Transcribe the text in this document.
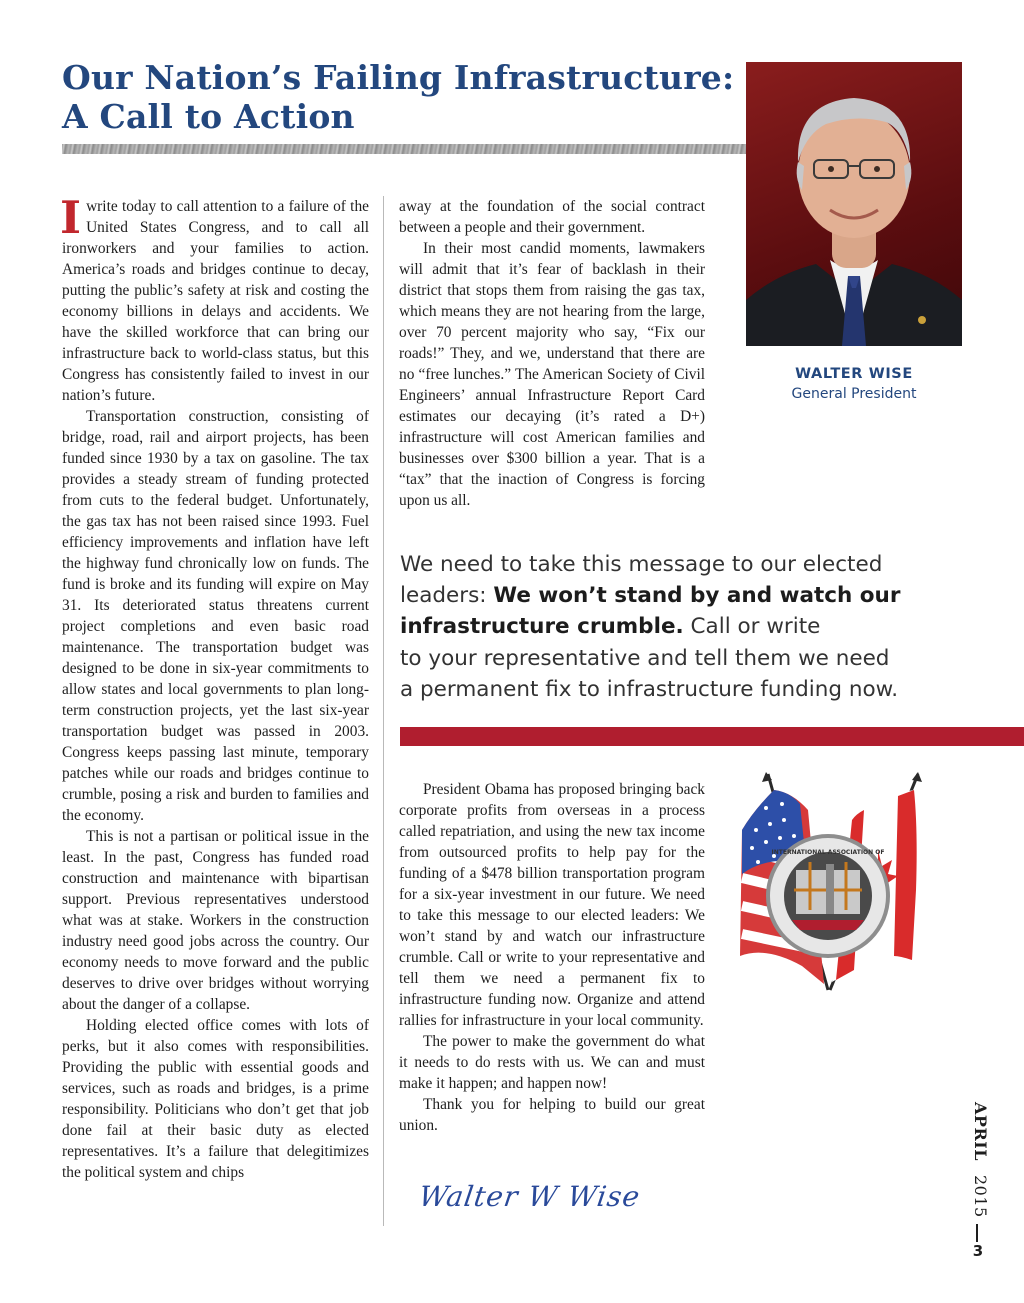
Our Nation’s Failing Infrastructure:
A Call to Action
WALTER WISE
General President

I write today to call attention to a failure of the United States Congress, and to call all ironworkers and your families to action. America’s roads and bridges continue to decay, putting the public’s safety at risk and costing the economy billions in delays and accidents. We have the skilled workforce that can bring our infrastructure back to world-class status, but this Congress has consistently failed to invest in our nation’s future.

Transportation construction, consisting of bridge, road, rail and airport projects, has been funded since 1930 by a tax on gasoline. The tax provides a steady stream of funding protected from cuts to the federal budget. Unfortunately, the gas tax has not been raised since 1993. Fuel efficiency improvements and inflation have left the highway fund chronically low on funds. The fund is broke and its funding will expire on May 31. Its deteriorated status threatens current project completions and even basic road maintenance. The transportation budget was designed to be done in six-year commitments to allow states and local governments to plan long-term construction projects, yet the last six-year transportation budget was passed in 2003. Congress keeps passing last minute, temporary patches while our roads and bridges continue to crumble, posing a risk and burden to families and the economy.

This is not a partisan or political issue in the least. In the past, Congress has funded road construction and maintenance with bipartisan support. Previous representatives understood what was at stake. Workers in the construction industry need good jobs across the country. Our economy needs to move forward and the public deserves to drive over bridges without worrying about the danger of a collapse.

Holding elected office comes with lots of perks, but it also comes with responsibilities. Providing the public with essential goods and services, such as roads and bridges, is a prime responsibility. Politicians who don’t get that job done fail at their basic duty as elected representatives. It’s a failure that delegitimizes the political system and chips

away at the foundation of the social contract between a people and their government.

In their most candid moments, lawmakers will admit that it’s fear of backlash in their district that stops them from raising the gas tax, which means they are not hearing from the large, over 70 percent majority who say, “Fix our roads!” They, and we, understand that there are no “free lunches.” The American Society of Civil Engineers’ annual Infrastructure Report Card estimates our decaying (it’s rated a D+) infrastructure will cost American families and businesses over $300 billion a year. That is a “tax” that the inaction of Congress is forcing upon us all.

We need to take this message to our elected
leaders: We won’t stand by and watch our
infrastructure crumble. Call or write
to your representative and tell them we need
a permanent fix to infrastructure funding now.

President Obama has proposed bringing back corporate profits from overseas in a process called repatriation, and using the new tax income from outsourced profits to help pay for the funding of a $478 billion transportation program for a six-year investment in our future. We need to take this message to our elected leaders: We won’t stand by and watch our infrastructure crumble. Call or write to your representative and tell them we need a permanent fix to infrastructure funding now. Organize and attend rallies for infrastructure in your local community.

The power to make the government do what it needs to do rests with us. We can and must make it happen; and happen now!

Thank you for helping to build our great union.

INTERNATIONAL ASSOCIATION OF
Walter W Wise
APRIL 2015
3
